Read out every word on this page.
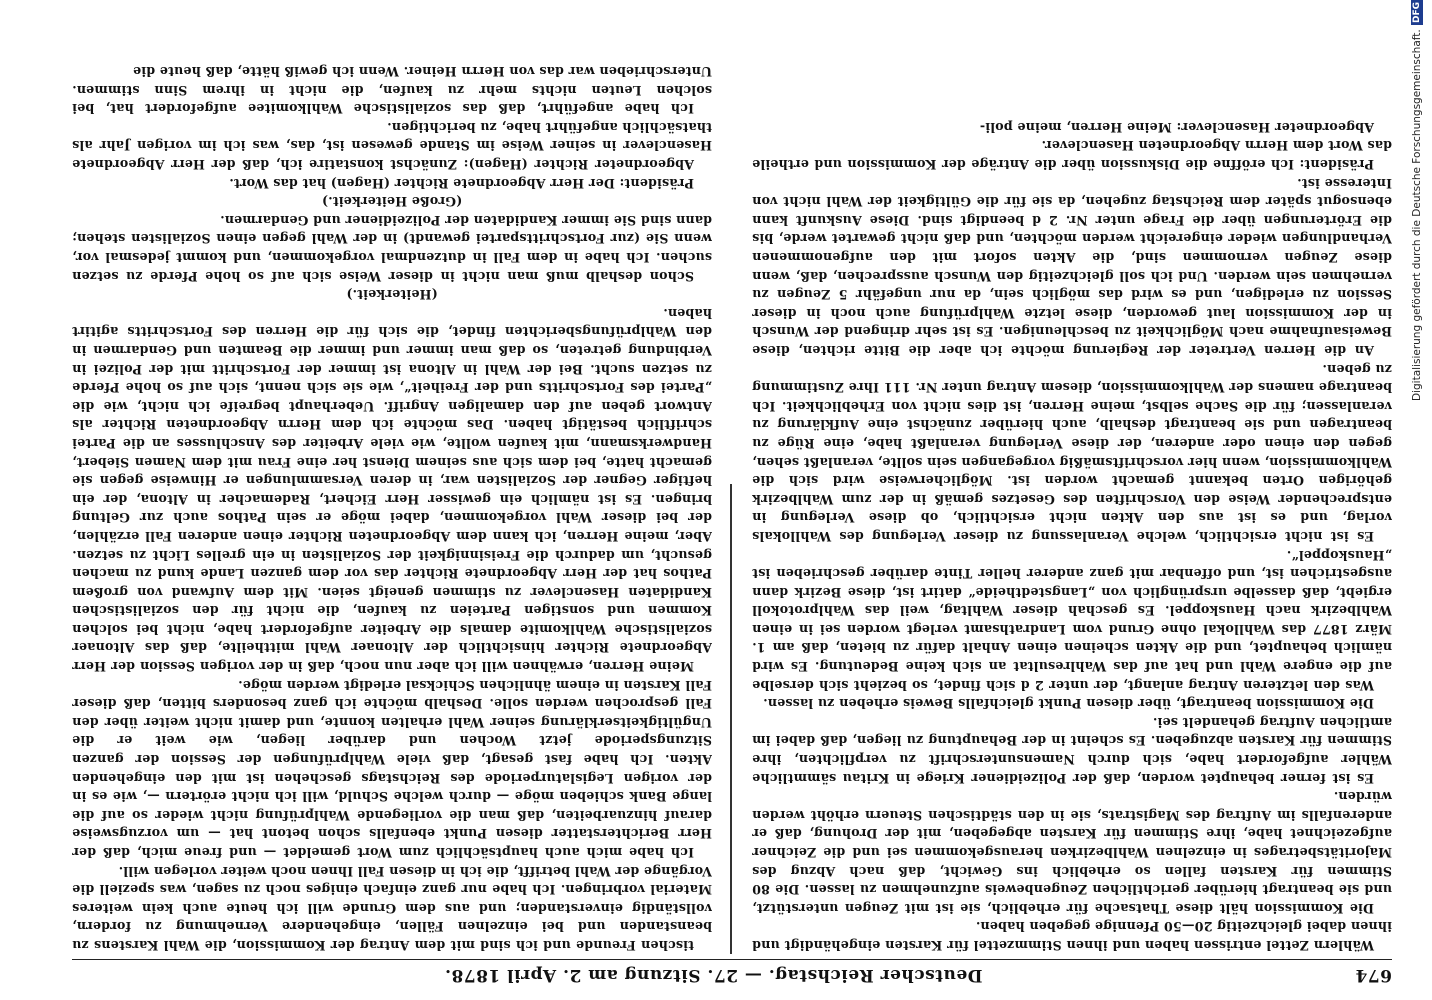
674
Deutscher Reichstag. — 27. Sitzung am 2. April 1878.

Wählern Zettel entrissen haben und ihnen Stimmzettel für Karsten eingehändigt und ihnen dabei gleichzeitig 20—50 Pfennige gegeben haben.

Die Kommission hält diese Thatsache für erheblich, sie ist mit Zeugen unterstützt, und sie beantragt hierüber gerichtlichen Zeugenbeweis aufzunehmen zu lassen. Die 80 Stimmen für Karsten fallen so erheblich ins Gewicht, daß nach Abzug des Majoritätsbetrages in einzelnen Wahlbezirken herausgekommen sei und die Zeichner aufgezeichnet habe, ihre Stimmen für Karsten abgegeben, mit der Drohung, daß er anderenfalls im Auftrag des Magistrats, sie in den städtischen Steuern erhöht werden würden.

Es ist ferner behauptet worden, daß der Polizeidiener Kriege in Kritau sämmtliche Wähler aufgefordert habe, sich durch Namensunterschrift zu verpflichten, ihre Stimmen für Karsten abzugeben. Es scheint in der Behauptung zu liegen, daß dabei im amtlichen Auftrag gehandelt sei.

Die Kommission beantragt, über diesen Punkt gleichfalls Beweis erheben zu lassen.

Was den letzteren Antrag anlangt, der unter 2 d sich findet, so bezieht sich derselbe auf die engere Wahl und hat auf das Wahlresultat an sich keine Bedeutung. Es wird nämlich behauptet, und die Akten scheinen einen Anhalt dafür zu bieten, daß am 1. März 1877 das Wahllokal ohne Grund vom Landrathsamt verlegt worden sei in einen Wahlbezirk nach Hauskoppel. Es geschah dieser Wahltag, weil das Wahlprotokoll ergiebt, daß dasselbe ursprünglich von „Langstedtheide“ datirt ist, diese Bezirk dann ausgestrichen ist, und offenbar mit ganz anderer heller Tinte darüber geschrieben ist „Hauskoppel“.

Es ist nicht ersichtlich, welche Veranlassung zu dieser Verlegung des Wahllokals vorlag, und es ist aus den Akten nicht ersichtlich, ob diese Verlegung in entsprechender Weise den Vorschriften des Gesetzes gemäß in der zum Wahlbezirk gehörigen Orten bekannt gemacht worden ist. Möglicherweise wird sich die Wahlkommission, wenn hier vorschriftsmäßig vorgegangen sein sollte, veranlaßt sehen, gegen den einen oder anderen, der diese Verlegung veranlaßt habe, eine Rüge zu beantragen und sie beantragt deshalb, auch hierüber zunächst eine Aufklärung zu veranlassen; für die Sache selbst, meine Herren, ist dies nicht von Erheblichkeit. Ich beantrage namens der Wahlkommission, diesem Antrag unter Nr. 111 Ihre Zustimmung zu geben.

An die Herren Vertreter der Regierung möchte ich aber die Bitte richten, diese Beweisaufnahme nach Möglichkeit zu beschleunigen. Es ist sehr dringend der Wunsch in der Kommission laut geworden, diese letzte Wahlprüfung auch noch in dieser Session zu erledigen, und es wird das möglich sein, da nur ungefähr 5 Zeugen zu vernehmen sein werden. Und ich soll gleichzeitig den Wunsch aussprechen, daß, wenn diese Zeugen vernommen sind, die Akten sofort mit den aufgenommenen Verhandlungen wieder eingereicht werden möchten, und daß nicht gewartet werde, bis die Erörterungen über die Frage unter Nr. 2 d beendigt sind. Diese Auskunft kann ebensogut später dem Reichstag zugehen, da sie für die Gültigkeit der Wahl nicht von Interesse ist.

Präsident: Ich eröffne die Diskussion über die Anträge der Kommission und ertheile das Wort dem Herrn Abgeordneten Hasenclever.

Abgeordneter Hasenclever: Meine Herren, meine poli-

tischen Freunde und ich sind mit dem Antrag der Kommission, die Wahl Karstens zu beanstanden und bei einzelnen Fällen, eingehendere Vernehmung zu fordern, vollständig einverstanden; und aus dem Grunde will ich heute auch kein weiteres Material vorbringen. Ich habe nur ganz einfach einiges noch zu sagen, was speziell die Vorgänge der Wahl betrifft, die ich in diesen Fall Ihnen noch weiter vorlegen will.

Ich habe mich auch hauptsächlich zum Wort gemeldet — und freue mich, daß der Herr Berichterstatter diesen Punkt ebenfalls schon betont hat — um vorzugsweise darauf hinzuarbeiten, daß man die vorliegende Wahlprüfung nicht wieder so auf die lange Bank schieben möge — durch welche Schuld, will ich nicht erörtern —, wie es in der vorigen Legislaturperiode des Reichstags geschehen ist mit den eingehenden Akten. Ich habe fast gesagt, daß viele Wahlprüfungen der Session der ganzen Sitzungsperiode jetzt Wochen und darüber liegen, wie weit er die Ungültigkeitserklärung seiner Wahl erhalten konnte, und damit nicht weiter über den Fall gesprochen werden solle. Deshalb möchte ich ganz besonders bitten, daß dieser Fall Karsten in einem ähnlichen Schicksal erledigt werden möge.

Meine Herren, erwähnen will ich aber nun noch, daß in der vorigen Session der Herr Abgeordnete Richter hinsichtlich der Altonaer Wahl mittheilte, daß das Altonaer sozialistische Wahlkomite damals die Arbeiter aufgefordert habe, nicht bei solchen Kommen und sonstigen Parteien zu kaufen, die nicht für den sozialistischen Kandidaten Hasenclever zu stimmen geneigt seien. Mit dem Aufwand von großem Pathos hat der Herr Abgeordnete Richter das vor dem ganzen Lande kund zu machen gesucht, um dadurch die Freisinnigkeit der Sozialisten in ein grelles Licht zu setzen. Aber, meine Herren, ich kann dem Abgeordneten Richter einen anderen Fall erzählen, der bei dieser Wahl vorgekommen, dabei möge er sein Pathos auch zur Geltung bringen. Es ist nämlich ein gewisser Herr Eichert, Rademacher in Altona, der ein heftiger Gegner der Sozialisten war, in deren Versammlungen er Hinweise gegen sie gemacht hatte, bei dem sich aus seinem Dienst her eine Frau mit dem Namen Siebert, Handwerksmann, mit kaufen wollte, wie viele Arbeiter des Anschlusses an die Partei schriftlich bestätigt haben. Das möchte ich dem Herrn Abgeordneten Richter als Antwort geben auf den damaligen Angriff. Ueberhaupt begreife ich nicht, wie die „Partei des Fortschritts und der Freiheit“, wie sie sich nennt, sich auf so hohe Pferde zu setzen sucht. Bei der Wahl in Altona ist immer der Fortschritt mit der Polizei in Verbindung getreten, so daß man immer und immer die Beamten und Gendarmen in den Wahlprüfungsberichten findet, die sich für die Herren des Fortschritts agitirt haben.

(Heiterkeit.)

Schon deshalb muß man nicht in dieser Weise sich auf so hohe Pferde zu setzen suchen. Ich habe in dem Fall in dutzendmal vorgekommen, und kommt jedesmal vor, wenn Sie (zur Fortschrittspartei gewandt) in der Wahl gegen einen Sozialisten stehen; dann sind Sie immer Kandidaten der Polizeidiener und Gendarmen.

(Große Heiterkeit.)

Präsident: Der Herr Abgeordnete Richter (Hagen) hat das Wort.

Abgeordneter Richter (Hagen): Zunächst konstatire ich, daß der Herr Abgeordnete Hasenclever in seiner Weise im Stande gewesen ist, das, was ich im vorigen Jahr als thatsächlich angeführt habe, zu berichtigen.

Ich habe angeführt, daß das sozialistische Wahlkomitee aufgefordert hat, bei solchen Leuten nichts mehr zu kaufen, die nicht in ihrem Sinn stimmen. Unterschrieben war das von Herrn Heiner. Wenn ich gewiß hätte, daß heute die	Digitalisierung gefördert durch die Deutsche Forschungsgemeinschaft.
DFG
